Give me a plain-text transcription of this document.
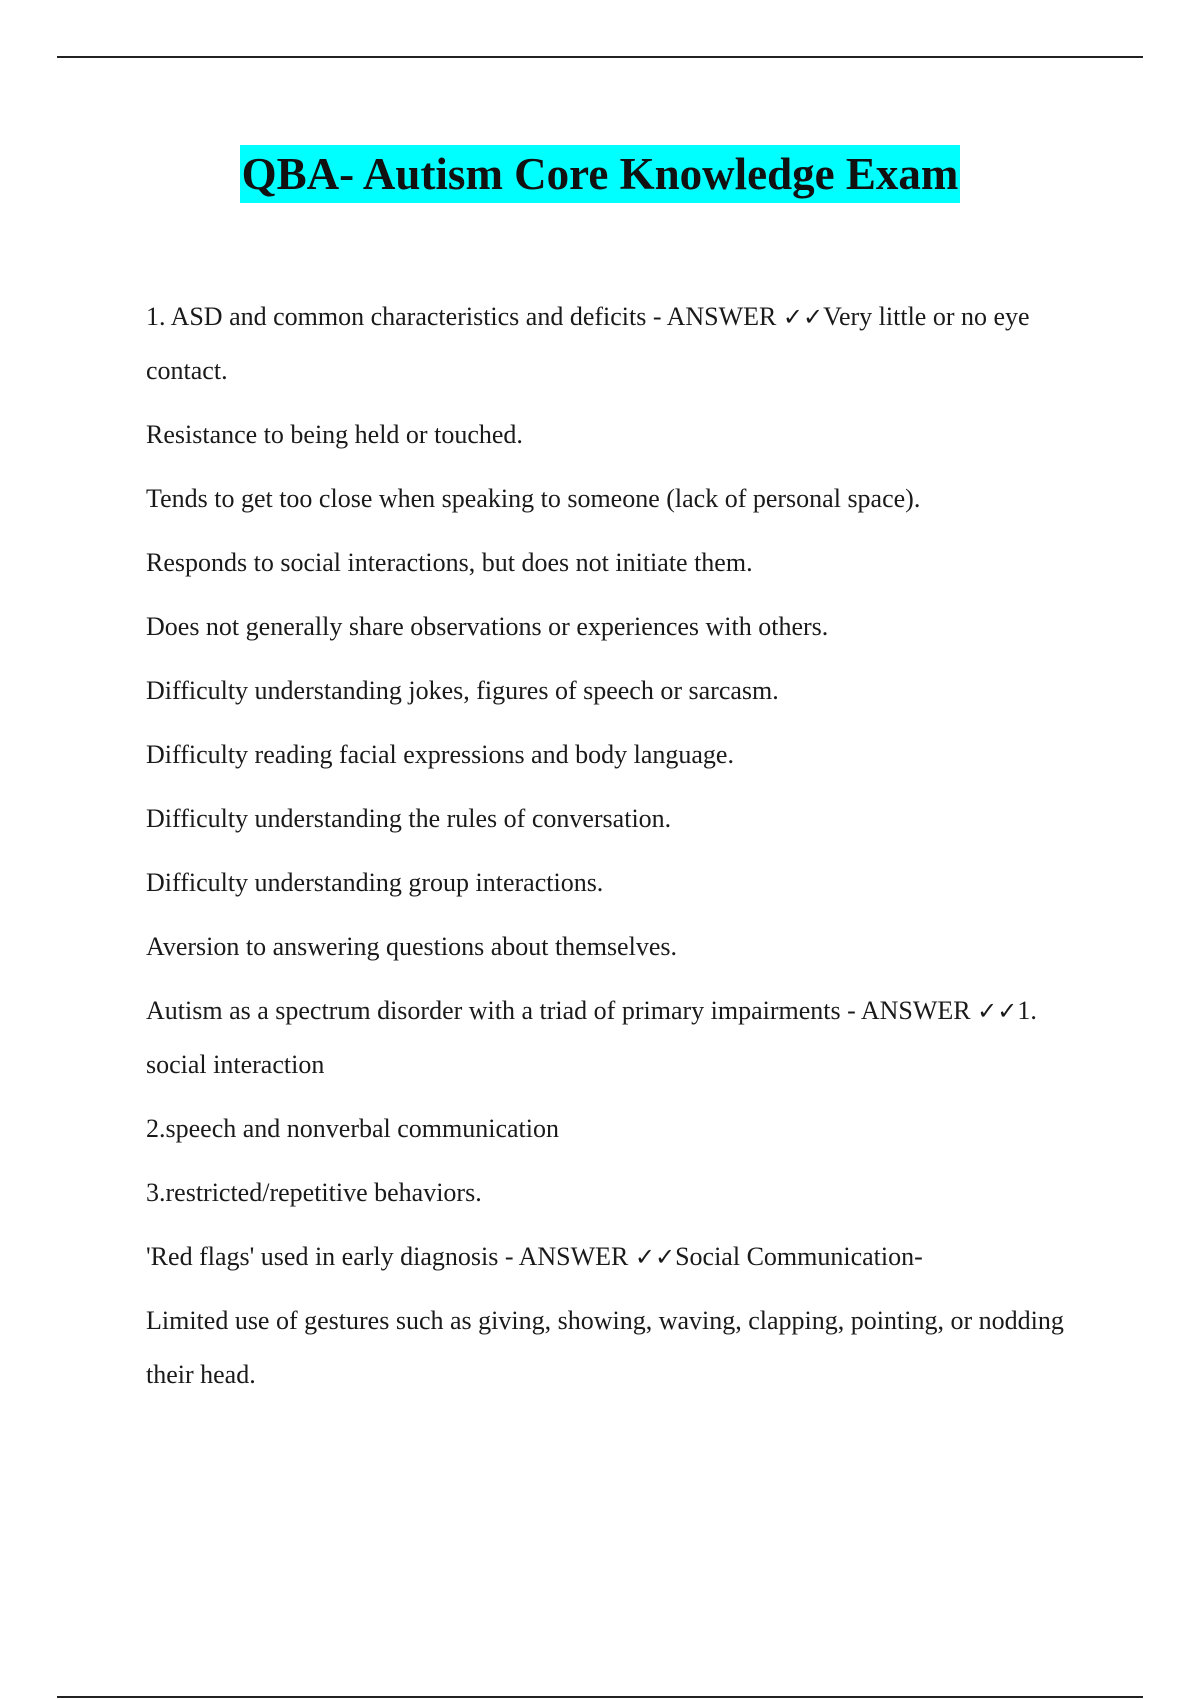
QBA- Autism Core Knowledge Exam

1. ASD and common characteristics and deficits - ANSWER ✓✓Very little or no eye contact.

Resistance to being held or touched.

Tends to get too close when speaking to someone (lack of personal space).

Responds to social interactions, but does not initiate them.

Does not generally share observations or experiences with others.

Difficulty understanding jokes, figures of speech or sarcasm.

Difficulty reading facial expressions and body language.

Difficulty understanding the rules of conversation.

Difficulty understanding group interactions.

Aversion to answering questions about themselves.

Autism as a spectrum disorder with a triad of primary impairments - ANSWER ✓✓1. social interaction

2.speech and nonverbal communication

3.restricted/repetitive behaviors.

'Red flags' used in early diagnosis - ANSWER ✓✓Social Communication-

Limited use of gestures such as giving, showing, waving, clapping, pointing, or nodding their head.
